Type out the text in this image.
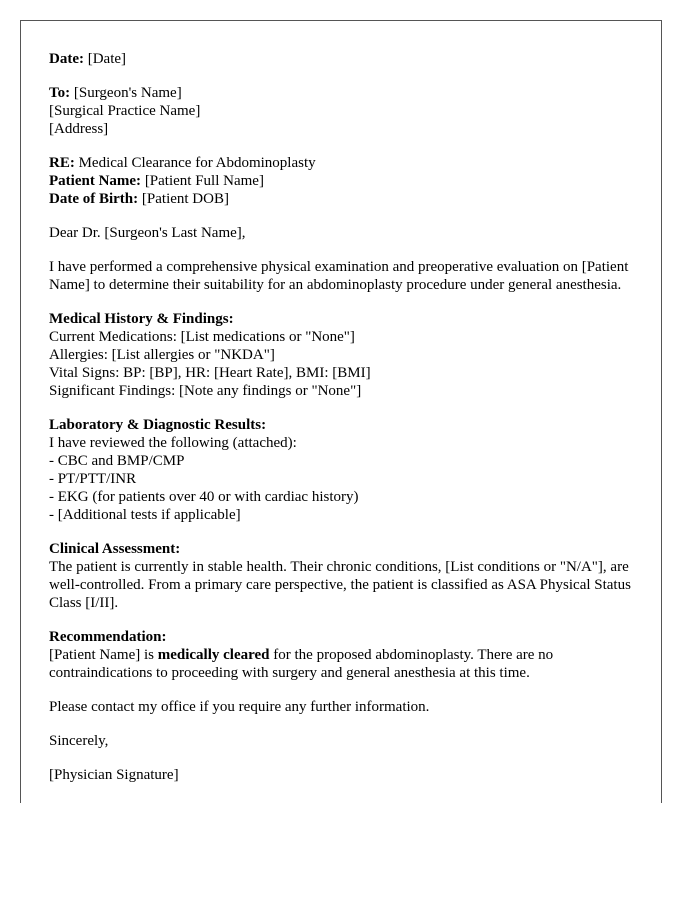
Date: [Date]

To: [Surgeon's Name]
[Surgical Practice Name]
[Address]

RE: Medical Clearance for Abdominoplasty
Patient Name: [Patient Full Name]
Date of Birth: [Patient DOB]

Dear Dr. [Surgeon's Last Name],

I have performed a comprehensive physical examination and preoperative evaluation on [Patient Name] to determine their suitability for an abdominoplasty procedure under general anesthesia.

Medical History & Findings:
Current Medications: [List medications or "None"]
Allergies: [List allergies or "NKDA"]
Vital Signs: BP: [BP], HR: [Heart Rate], BMI: [BMI]
Significant Findings: [Note any findings or "None"]

Laboratory & Diagnostic Results:
I have reviewed the following (attached):
- CBC and BMP/CMP
- PT/PTT/INR
- EKG (for patients over 40 or with cardiac history)
- [Additional tests if applicable]

Clinical Assessment:
The patient is currently in stable health. Their chronic conditions, [List conditions or "N/A"], are well-controlled. From a primary care perspective, the patient is classified as ASA Physical Status Class [I/II].

Recommendation:
[Patient Name] is medically cleared for the proposed abdominoplasty. There are no contraindications to proceeding with surgery and general anesthesia at this time.

Please contact my office if you require any further information.

Sincerely,

[Physician Signature]
